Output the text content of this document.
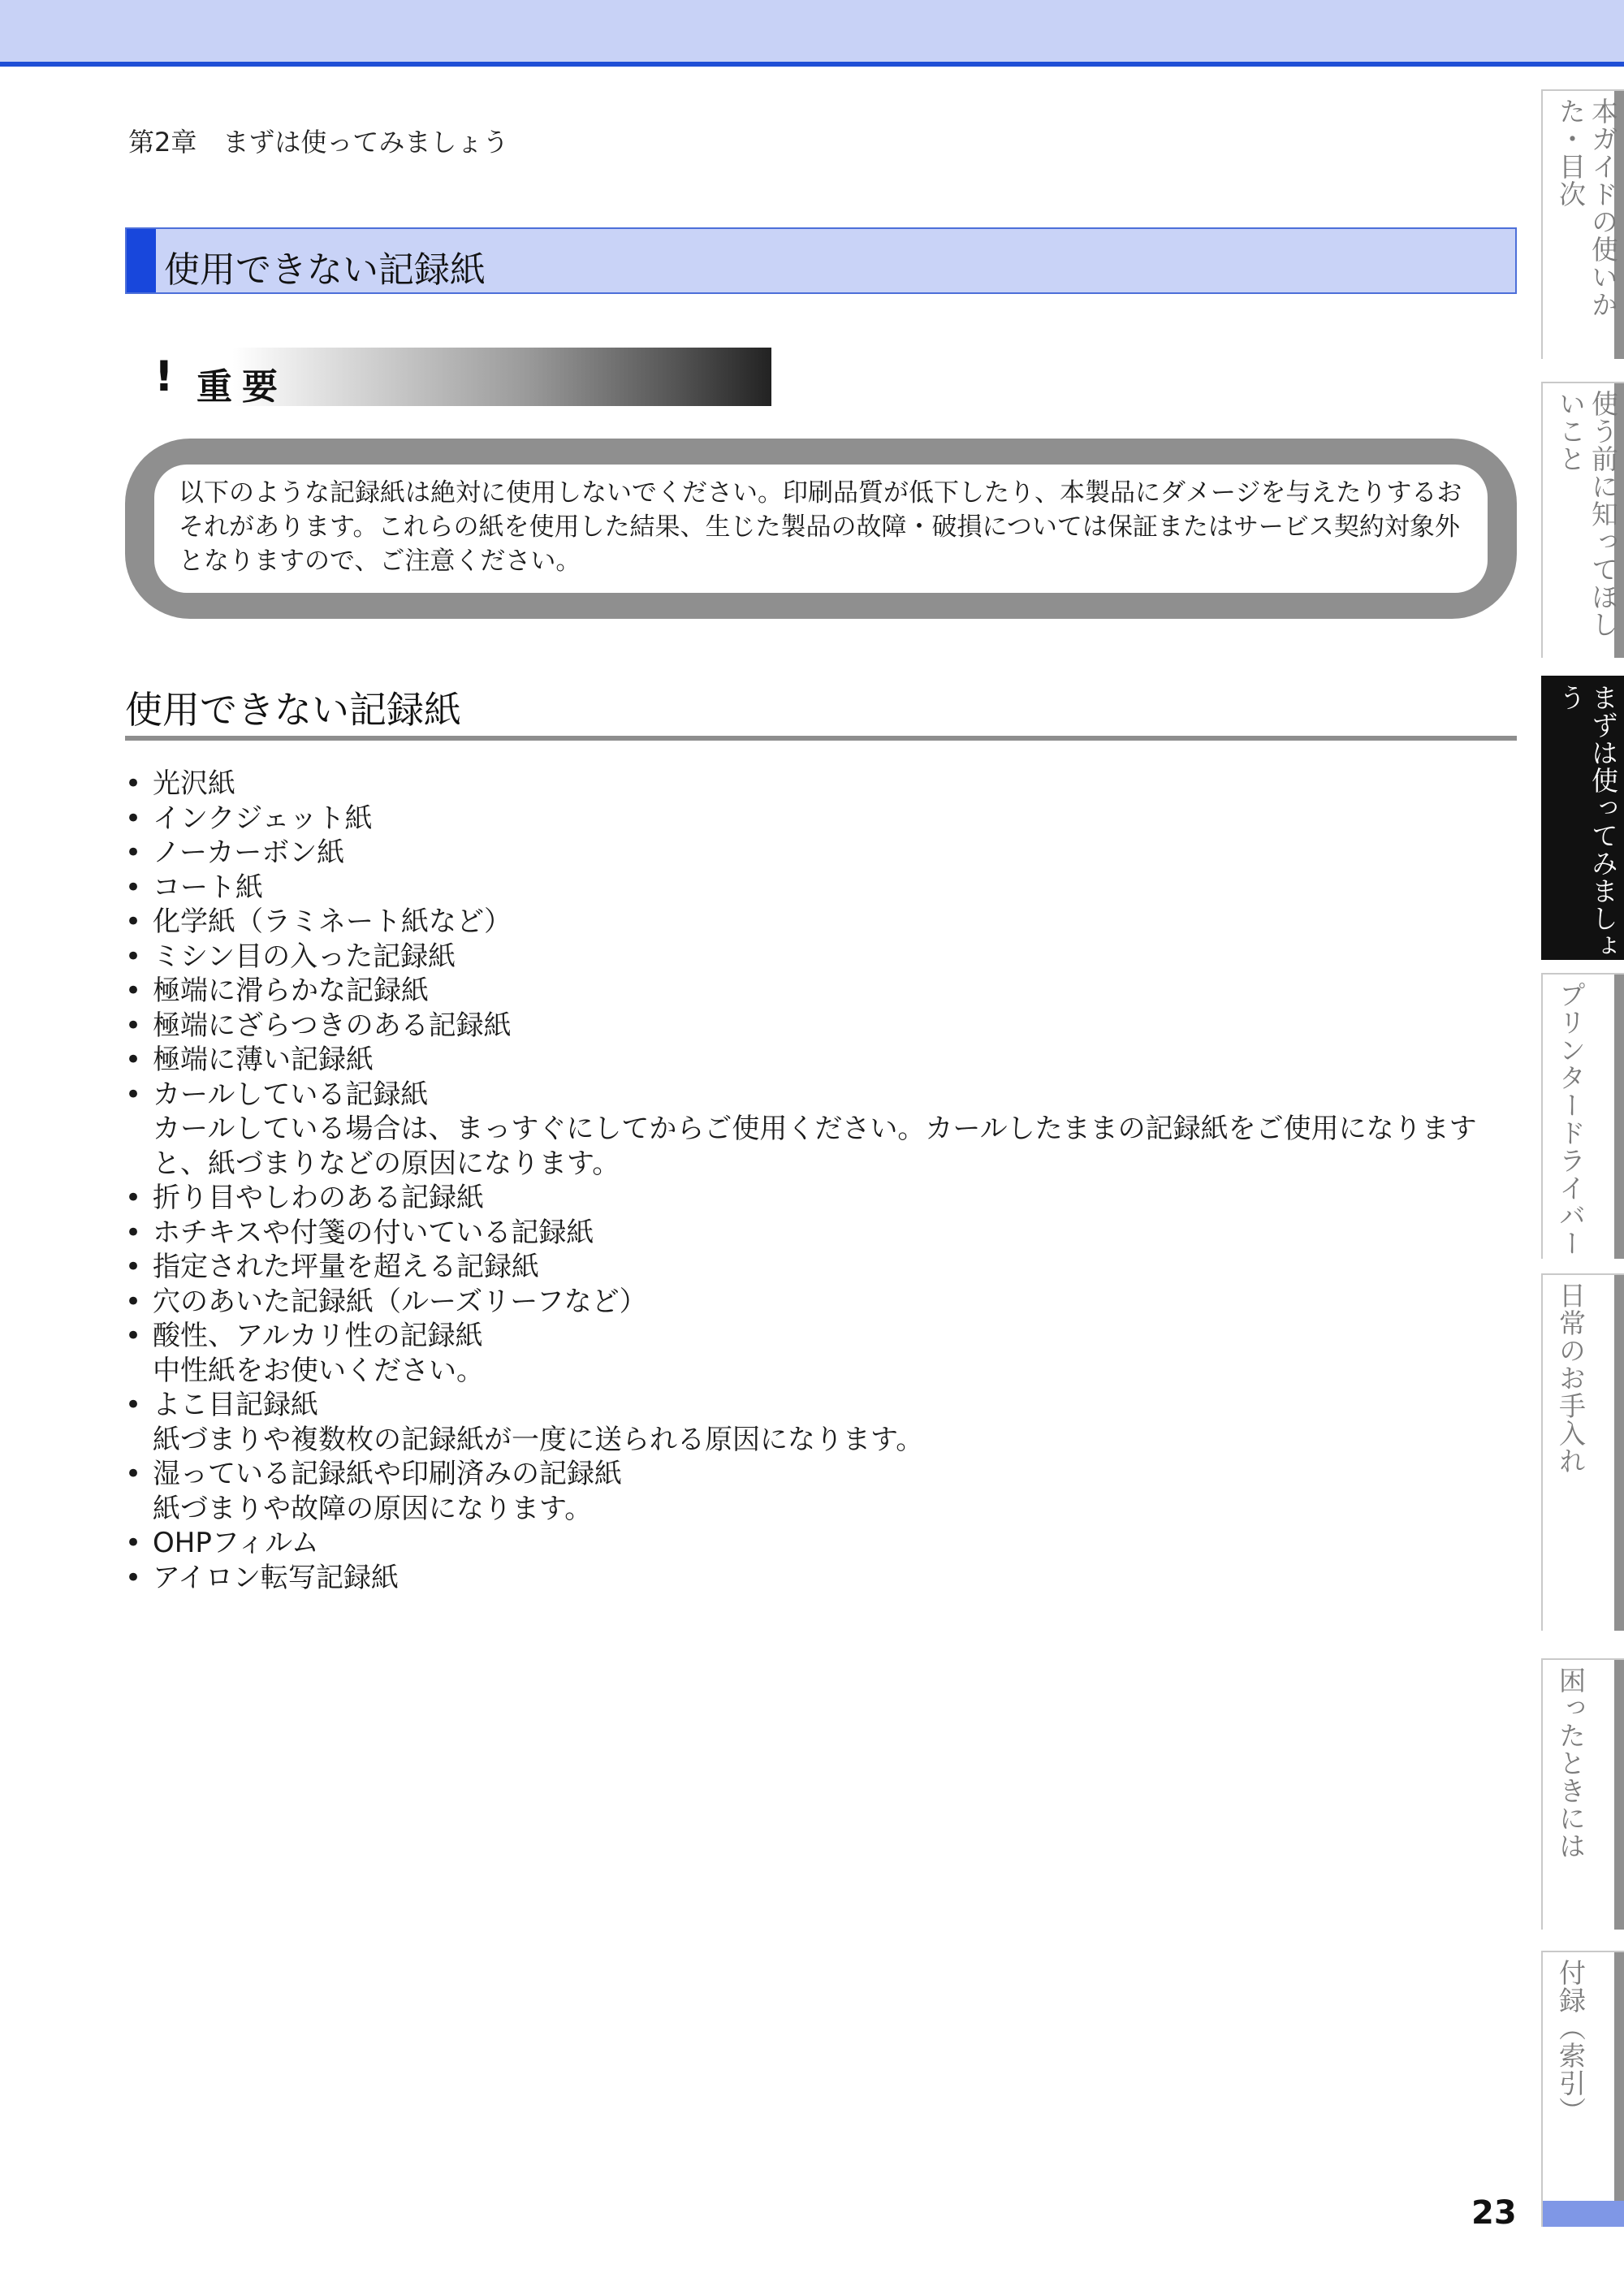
第2章　まずは使ってみましょう
使用できない記録紙
! 重要

以下のような記録紙は絶対に使用しないでください。印刷品質が低下したり、本製品にダメージを与えたりするおそれがあります。これらの紙を使用した結果、生じた製品の故障・破損については保証またはサービス契約対象外となりますので、ご注意ください。

使用できない記録紙
• 光沢紙
• インクジェット紙
• ノーカーボン紙
• コート紙
• 化学紙（ラミネート紙など）
• ミシン目の入った記録紙
• 極端に滑らかな記録紙
• 極端にざらつきのある記録紙
• 極端に薄い記録紙
• カールしている記録紙
カールしている場合は、まっすぐにしてからご使用ください。カールしたままの記録紙をご使用になりますと、紙づまりなどの原因になります。
• 折り目やしわのある記録紙
• ホチキスや付箋の付いている記録紙
• 指定された坪量を超える記録紙
• 穴のあいた記録紙（ルーズリーフなど）
• 酸性、アルカリ性の記録紙
中性紙をお使いください。
• よこ目記録紙
紙づまりや複数枚の記録紙が一度に送られる原因になります。
• 湿っている記録紙や印刷済みの記録紙
紙づまりや故障の原因になります。
• OHPフィルム
• アイロン転写記録紙
本ガイドの使いかた・目次
使う前に知ってほしいこと
まずは使ってみましょう
プリンタードライバー
日常のお手入れ
困ったときには
付録（索引）
23
